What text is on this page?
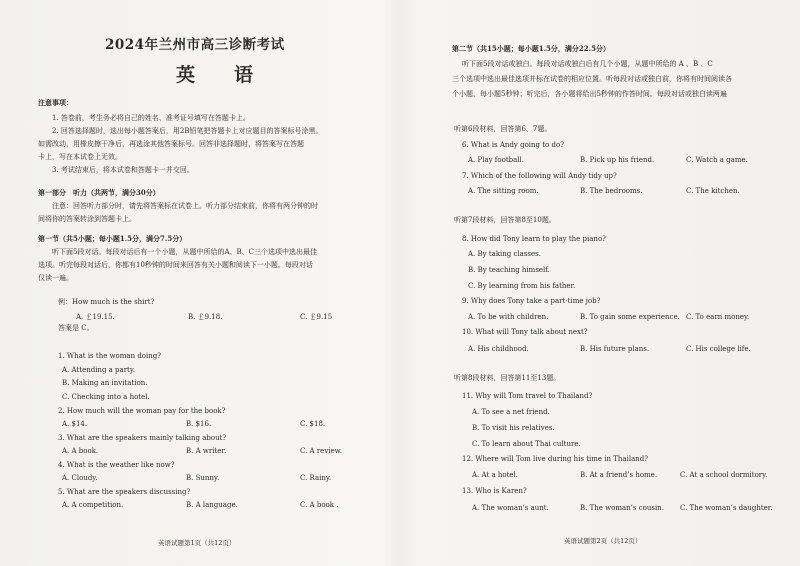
2024年兰州市高三诊断考试
英　语
注意事项：
1. 答卷前，考生务必将自己的姓名、准考证号填写在答题卡上。
2. 回答选择题时，选出每小题答案后，用2B铅笔把答题卡上对应题目的答案标号涂黑。
如需改动，用橡皮擦干净后，再选涂其他答案标号。回答非选择题时，将答案写在答题
卡上，写在本试卷上无效。
3. 考试结束后，将本试卷和答题卡一并交回。
第一部分　听力（共两节，满分30分）
注意：回答听力部分时，请先将答案标在试卷上。听力部分结束前，你将有两分钟的时
间将你的答案转涂到答题卡上。
第一节（共5小题；每小题1.5分，满分7.5分）
听下面5段对话。每段对话后有一个小题，从题中所给的A、B、C三个选项中选出最佳
选项。听完每段对话后，你都有10秒钟的时间来回答有关小题和阅读下一小题。每段对话
仅读一遍。
例：How much is the shirt?
A. ￡19.15.	B. ￡9.18.	C. ￡9.15
答案是 C。
1. What is the woman doing?
A. Attending a party.
B. Making an invitation.
C. Checking into a hotel.
2. How much will the woman pay for the book?
A. $14.	B. $16.	C. $18.
3. What are the speakers mainly talking about?
A. A book.	B. A writer.	C. A review.
4. What is the weather like now?
A. Cloudy.	B. Sunny.	C. Rainy.
5. What are the speakers discussing?
A. A competition.	B. A language.	C. A book .
英语试题第1页（共12页）
第二节（共15小题；每小题1.5分，满分22.5分）
听下面5段对话或独白。每段对话或独白后有几个小题，从题中所给的 A 、B 、C
三个选项中选出最佳选项并标在试卷的相应位置。听每段对话或独白前，你将有时间阅读各
个小题，每小题5秒钟；听完后，各小题将给出5秒钟的作答时间。每段对话或独白读两遍
听第6段材料，回答第6、7题。
6. What is Andy going to do?
A. Play football.	B. Pick up his friend.	C. Watch a game.
7. Which of the following will Andy tidy up?
A. The sitting room.	B. The bedrooms.	C. The kitchen.
听第7段材料，回答第8至10题。
8. How did Tony learn to play the piano?
A. By taking classes.
B. By teaching himself.
C. By learning from his father.
9. Why does Tony take a part-time job?
A. To be with children.	B. To gain some experience. C. To earn money.
10. What will Tony talk about next?
A. His childhood.	B. His future plans.	C. His college life.
听第8段材料，回答第11至13题。
11. Why will Tom travel to Thailand?
A. To see a net friend.
B. To visit his relatives.
C. To learn about Thai culture.
12. Where will Tom live during his time in Thailand?
A. At a hotel.	B. At a friend’s home.	C. At a school dormitory.
13. Who is Karen?
A. The woman’s aunt.	B. The woman’s cousin. C. The woman’s daughter.
英语试题第2页（共12页）
